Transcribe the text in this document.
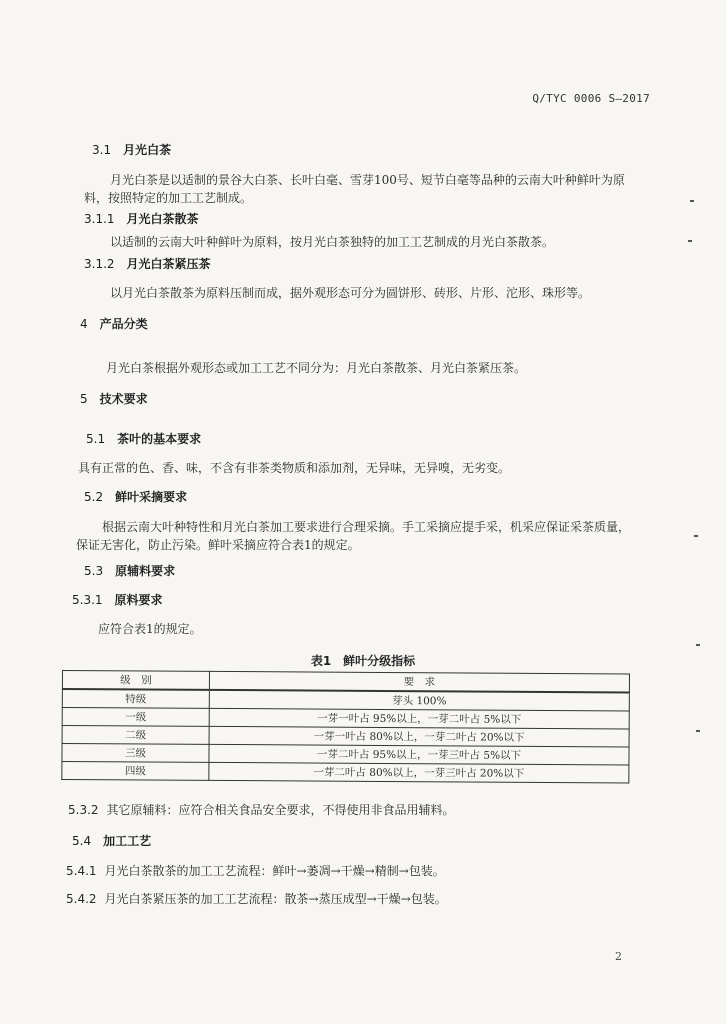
Q/TYC 0006 S—2017
3.1 月光白茶
月光白茶是以适制的景谷大白茶、长叶白毫、雪芽100号、短节白毫等品种的云南大叶种鲜叶为原
料，按照特定的加工工艺制成。
3.1.1 月光白茶散茶
以适制的云南大叶种鲜叶为原料，按月光白茶独特的加工工艺制成的月光白茶散茶。
3.1.2 月光白茶紧压茶
以月光白茶散茶为原料压制而成，据外观形态可分为圆饼形、砖形、片形、沱形、珠形等。
4 产品分类
月光白茶根据外观形态或加工工艺不同分为：月光白茶散茶、月光白茶紧压茶。
5 技术要求
5.1 茶叶的基本要求
具有正常的色、香、味，不含有非茶类物质和添加剂，无异味，无异嗅，无劣变。
5.2 鲜叶采摘要求
根据云南大叶种特性和月光白茶加工要求进行合理采摘。手工采摘应提手采，机采应保证采茶质量，
保证无害化，防止污染。鲜叶采摘应符合表1的规定。
5.3 原辅料要求
5.3.1 原料要求
应符合表1的规定。
表1　鲜叶分级指标
级　别	要　求
特级	芽头 100%
一级	一芽一叶占 95%以上，一芽二叶占 5%以下
二级	一芽一叶占 80%以上，一芽二叶占 20%以下
三级	一芽二叶占 95%以上，一芽三叶占 5%以下
四级	一芽二叶占 80%以上，一芽三叶占 20%以下
5.3.2 其它原辅料：应符合相关食品安全要求，不得使用非食品用辅料。
5.4 加工工艺
5.4.1 月光白茶散茶的加工工艺流程：鲜叶→萎凋→干燥→精制→包装。
5.4.2 月光白茶紧压茶的加工工艺流程：散茶→蒸压成型→干燥→包装。
2
